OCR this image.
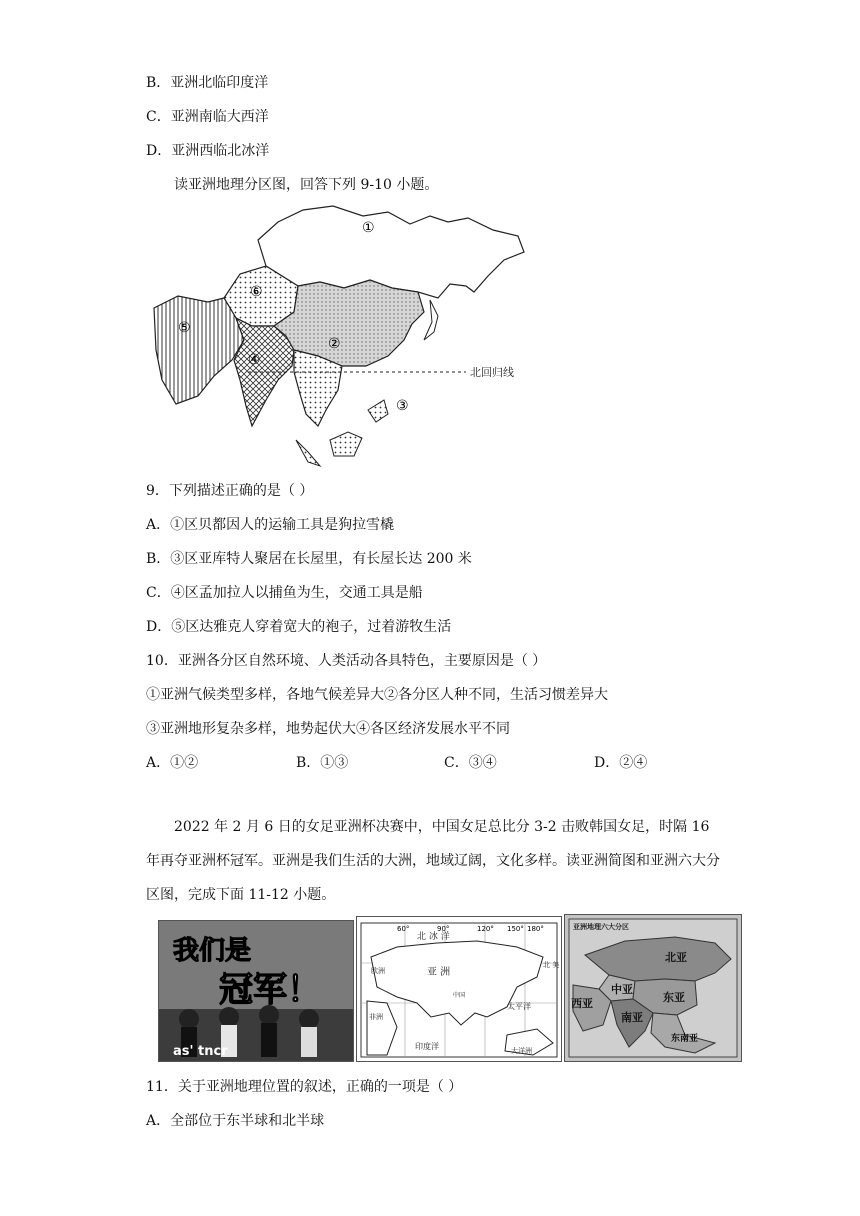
B．亚洲北临印度洋
C．亚洲南临大西洋
D．亚洲西临北冰洋
读亚洲地理分区图，回答下列 9-10 小题。
北回归线
①
②
③
④
⑤
⑥
9．下列描述正确的是（ ）
A．①区贝都因人的运输工具是狗拉雪橇
B．③区亚库特人聚居在长屋里，有长屋长达 200 米
C．④区孟加拉人以捕鱼为生，交通工具是船
D．⑤区达雅克人穿着宽大的袍子，过着游牧生活
10．亚洲各分区自然环境、人类活动各具特色，主要原因是（ ）
①亚洲气候类型多样，各地气候差异大②各分区人种不同，生活习惯差异大
③亚洲地形复杂多样，地势起伏大④各区经济发展水平不同
A．①②	B．①③	C．③④	D．②④
2022 年 2 月 6 日的女足亚洲杯决赛中，中国女足总比分 3-2 击败韩国女足，时隔 16 年再夺亚洲杯冠军。亚洲是我们生活的大洲，地域辽阔，文化多样。读亚洲简图和亚洲六大分区图，完成下面 11-12 小题。
我们是
冠军！
as' tncr
60°	90°	120° 150° 180°
北 冰 洋
亚 洲
欧洲
中国
非洲
太平洋
印度洋	大洋洲
北 美
亚洲地理六大分区
北亚
中亚
西亚	东亚
南亚
东南亚
11．关于亚洲地理位置的叙述，正确的一项是（ ）
A．全部位于东半球和北半球
